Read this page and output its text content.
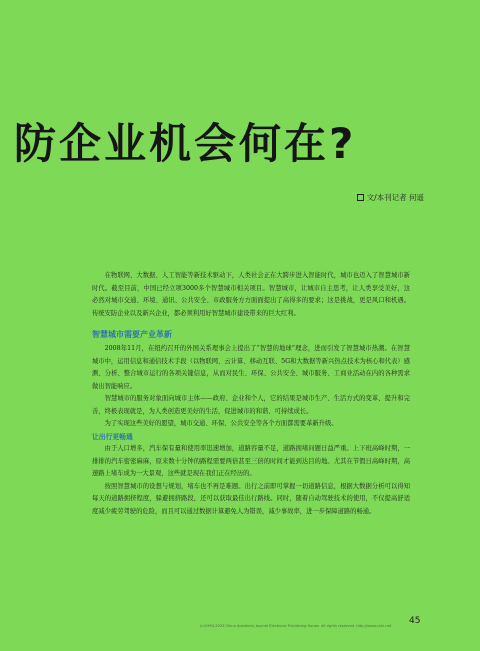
防企业机会何在?
文/本刊记者 何遥

在物联网、大数据、人工智能等新技术驱动下，人类社会正在大跨步进入智能时代，城市也迈入了智慧城市新时代。截至目前，中国已经立项3000多个智慧城市相关项目。智慧城市，让城市自主思考，让人类享受美好，这必然对城市交通、环境、通讯、公共安全、市政服务方方面面提出了高得多的要求；这是挑战，更是风口和机遇。传统安防企业以及新兴企业，都必须利用好智慧城市建设带来的巨大红利。

智慧城市需要产业革新

2008年11月，在纽约召开的外国关系理事会上提出了“智慧的地球”理念，进而引发了智慧城市热潮。在智慧城市中，运用信息和通信技术手段（以物联网、云计算、移动互联、5G和大数据等新兴热点技术为核心和代表）感测、分析、整合城市运行的各项关键信息，从而对民生、环保、公共安全、城市服务、工商业活动在内的各种需求做出智能响应。

智慧城市的服务对象面向城市主体——政府、企业和个人，它的结果是城市生产、生活方式的变革、提升和完善，终极表现就是，为人类创造更美好的生活，促进城市的和谐、可持续成长。

为了实现这些美好的愿望，城市交通、环保、公共安全等各个方面都需要革新升级。

让出行更畅通

由于人口增多，汽车保有量和使用率迅速增加，道路容量不足，道路拥堵问题日益严重。上下班高峰时期，一排排的汽车密密麻麻，原来数十分钟的路程需要两倍甚至三倍的时间才能到达目的地。尤其在节假日高峰时期，高速路上堵车成为一大景观，这些就是现在我们正在经历的。

按照智慧城市的设想与规划，堵车也不再是难题。出行之前即可掌握一切道路信息，根据大数据分析可以得知每天的道路拥挤程度，躲避拥挤路段，还可以获取最佳出行路线。同时，随着自动驾驶技术的使用，不仅提高舒适度减少疲劳驾驶的危险，而且可以通过数据计算避免人为错误，减少事故率，进一步保障道路的畅通。

(c)1994-2023 China Academic Journal Electronic Publishing House. All rights reserved. http://www.cnki.net	45
